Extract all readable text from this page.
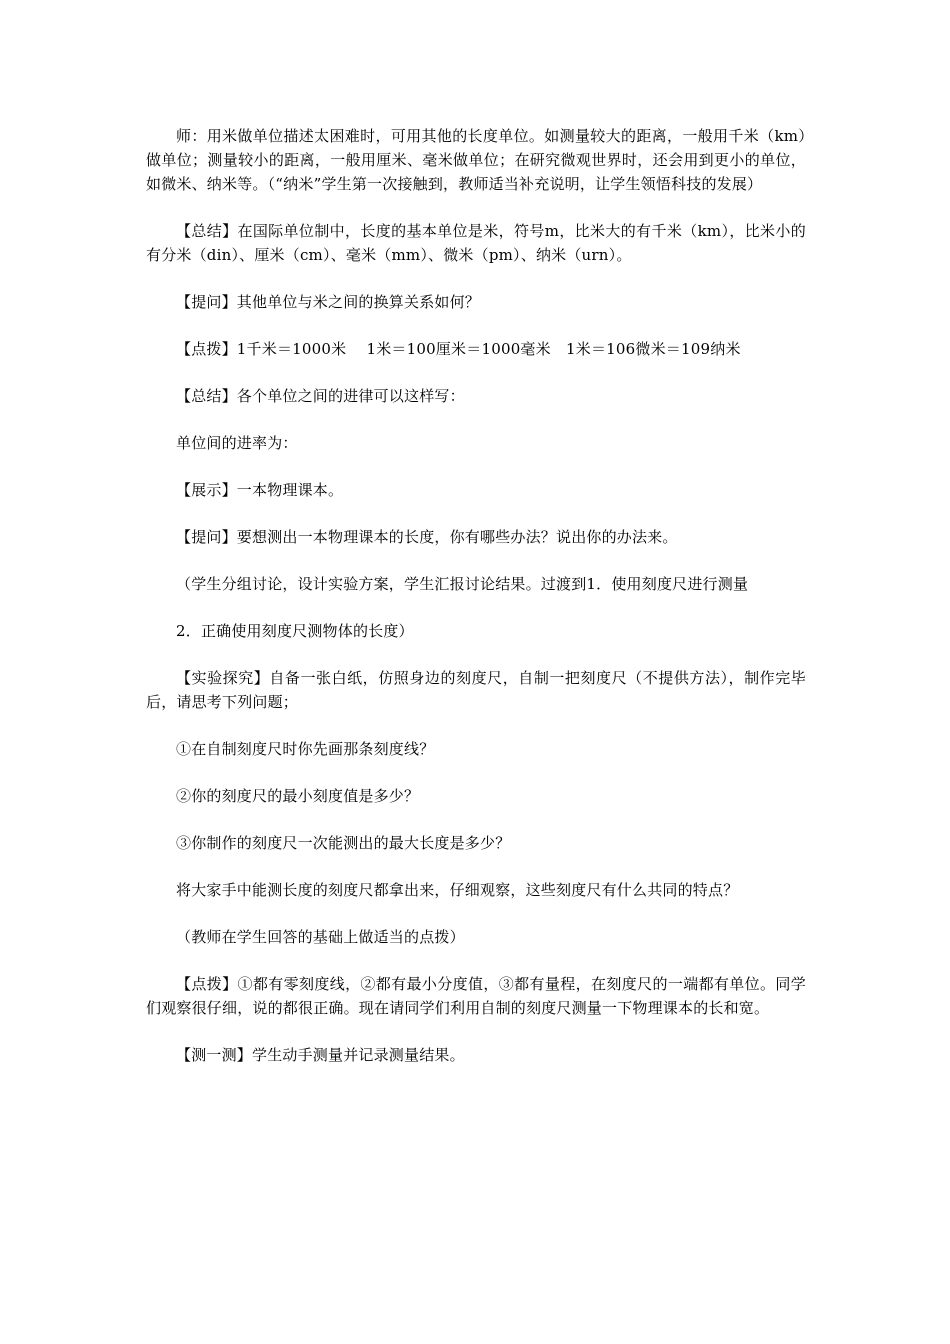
师：用米做单位描述太困难时，可用其他的长度单位。如测量较大的距离，一般用千米（km）做单位；测量较小的距离，一般用厘米、毫米做单位；在研究微观世界时，还会用到更小的单位，如微米、纳米等。（“纳米”学生第一次接触到，教师适当补充说明，让学生领悟科技的发展）

【总结】在国际单位制中，长度的基本单位是米，符号m，比米大的有千米（km），比米小的有分米（din）、厘米（cm）、毫米（mm）、微米（pm）、纳米（urn）。

【提问】其他单位与米之间的换算关系如何？

【点拨】1千米＝1000米　 1米＝100厘米＝1000毫米　1米＝106微米＝109纳米

【总结】各个单位之间的进律可以这样写：

单位间的进率为：

【展示】一本物理课本。

【提问】要想测出一本物理课本的长度，你有哪些办法？说出你的办法来。

（学生分组讨论，设计实验方案，学生汇报讨论结果。过渡到1．使用刻度尺进行测量

2．正确使用刻度尺测物体的长度）

【实验探究】自备一张白纸，仿照身边的刻度尺，自制一把刻度尺（不提供方法），制作完毕后，请思考下列问题；

①在自制刻度尺时你先画那条刻度线？

②你的刻度尺的最小刻度值是多少？

③你制作的刻度尺一次能测出的最大长度是多少？

将大家手中能测长度的刻度尺都拿出来，仔细观察，这些刻度尺有什么共同的特点？

（教师在学生回答的基础上做适当的点拨）

【点拨】①都有零刻度线，②都有最小分度值，③都有量程，在刻度尺的一端都有单位。同学们观察很仔细，说的都很正确。现在请同学们利用自制的刻度尺测量一下物理课本的长和宽。

【测一测】学生动手测量并记录测量结果。
